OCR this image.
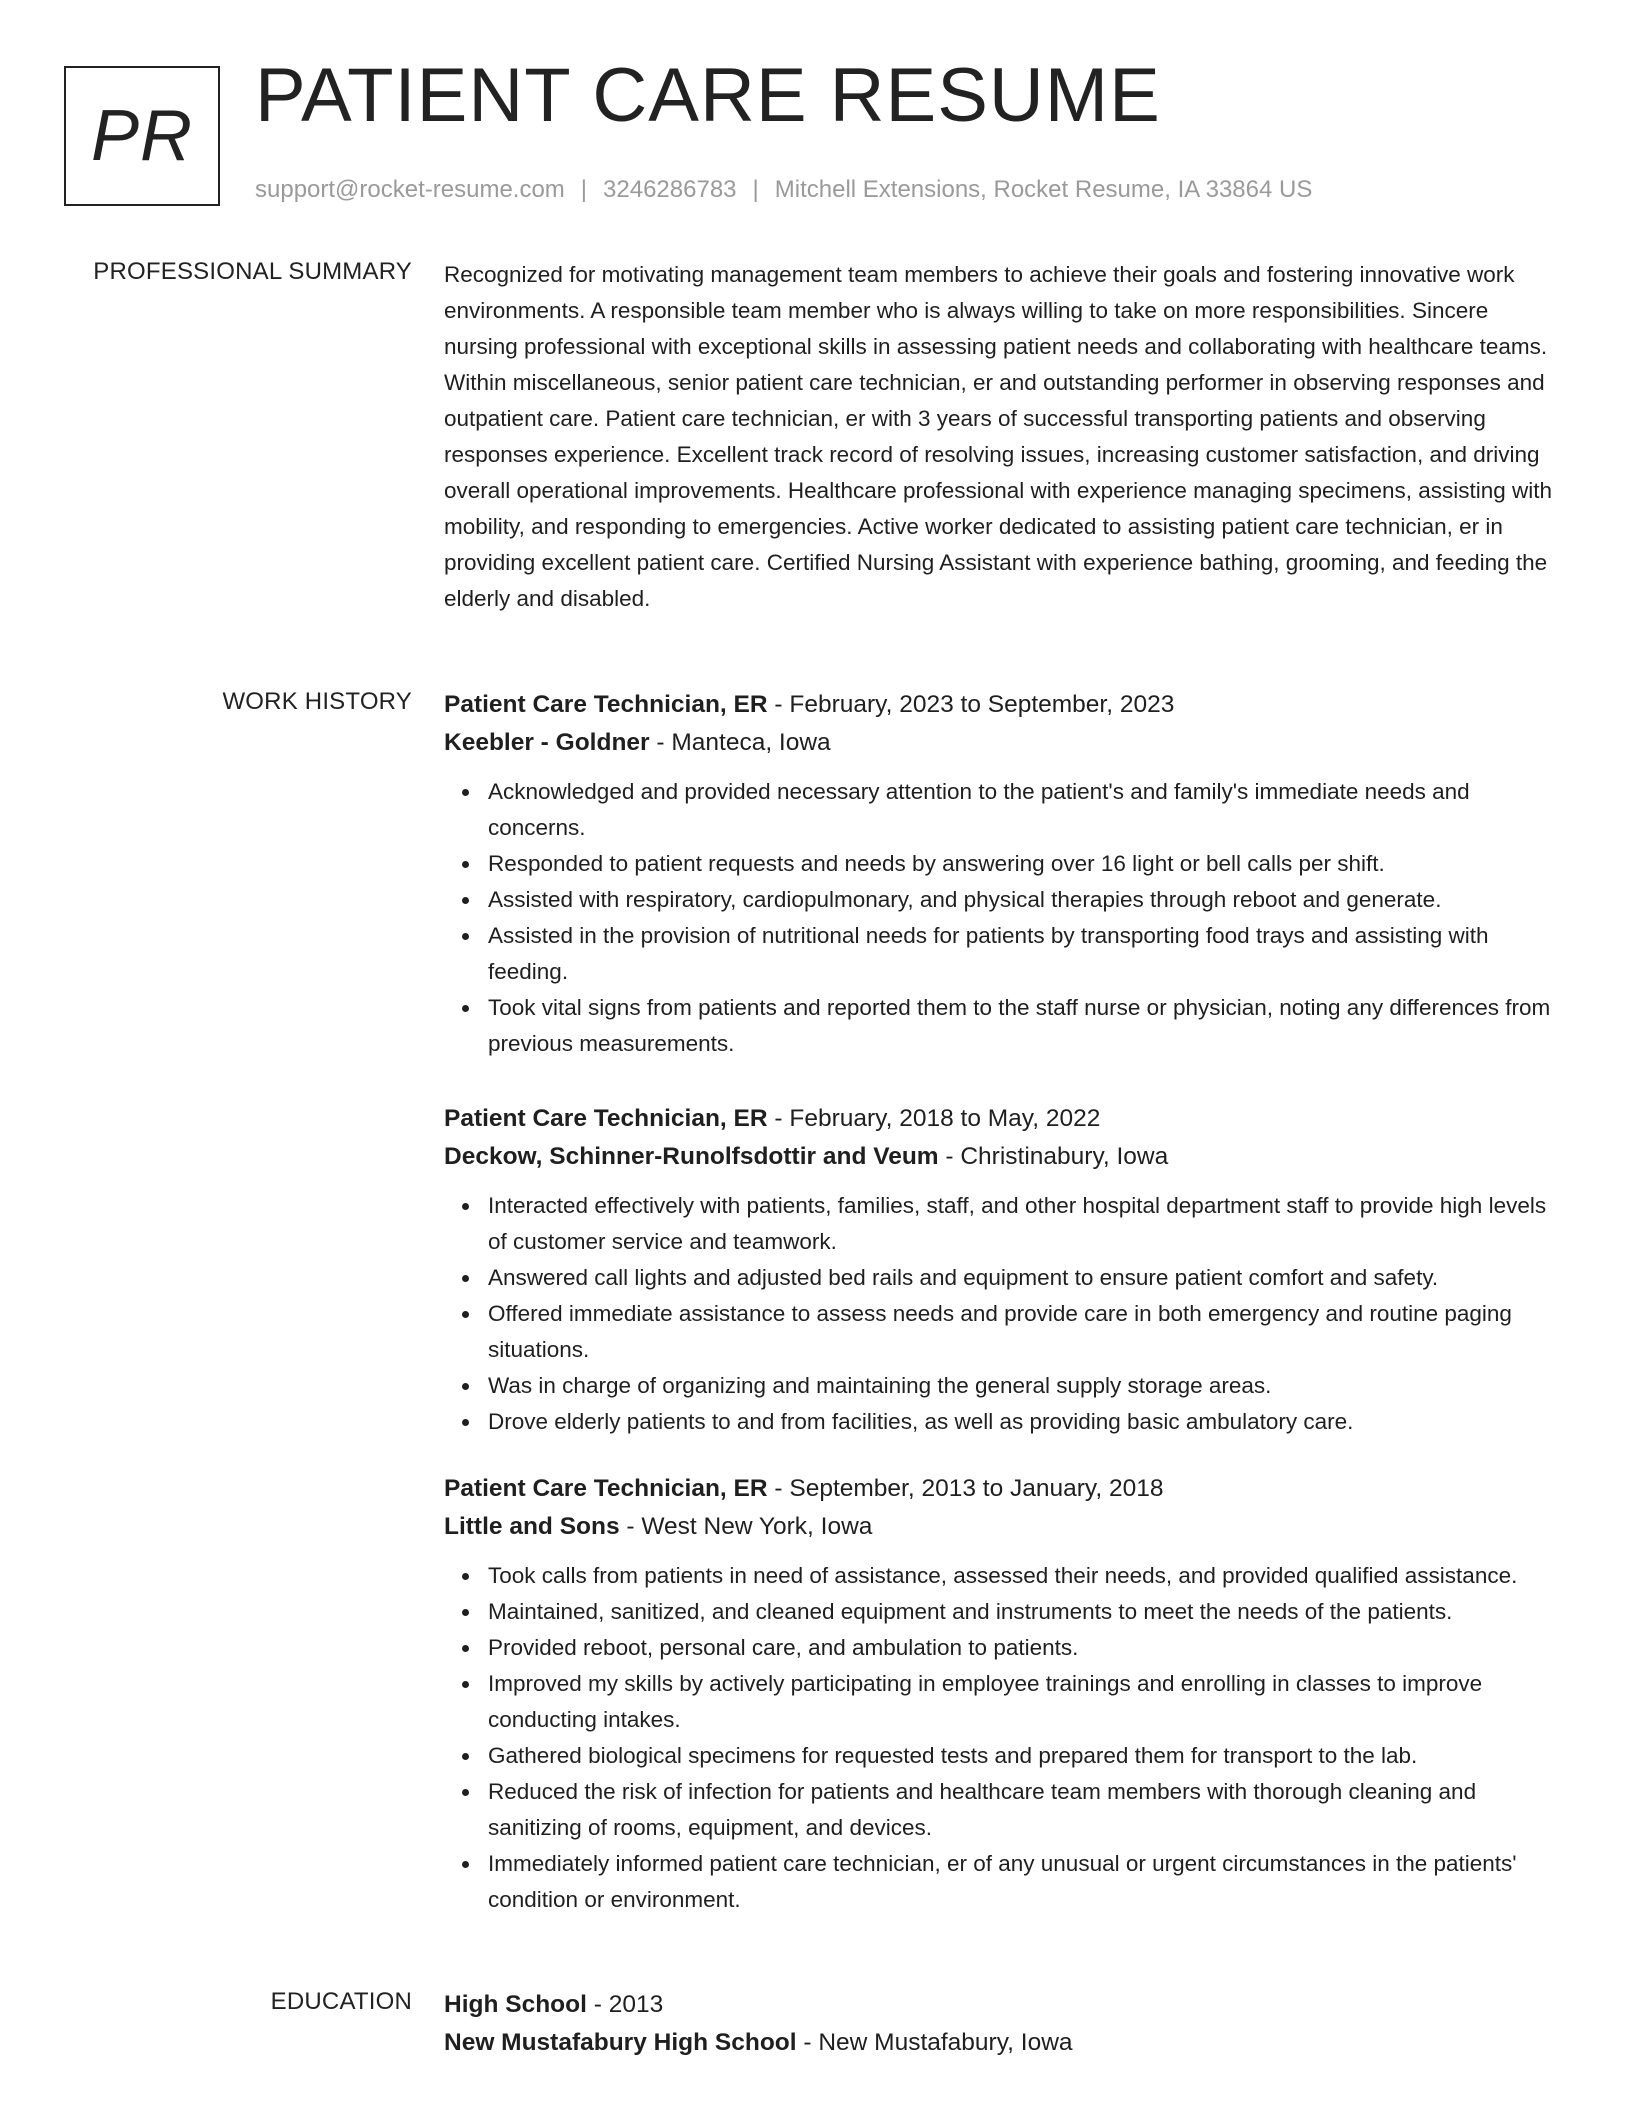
PR PATIENT CARE RESUME
support@rocket-resume.com | 3246286783 | Mitchell Extensions, Rocket Resume, IA 33864 US
PROFESSIONAL SUMMARY Recognized for motivating management team members to achieve their goals and fostering innovative work environments. A responsible team member who is always willing to take on more responsibilities. Sincere nursing professional with exceptional skills in assessing patient needs and collaborating with healthcare teams. Within miscellaneous, senior patient care technician, er and outstanding performer in observing responses and outpatient care. Patient care technician, er with 3 years of successful transporting patients and observing responses experience. Excellent track record of resolving issues, increasing customer satisfaction, and driving overall operational improvements. Healthcare professional with experience managing specimens, assisting with mobility, and responding to emergencies. Active worker dedicated to assisting patient care technician, er in providing excellent patient care. Certified Nursing Assistant with experience bathing, grooming, and feeding the elderly and disabled.

WORK HISTORY Patient Care Technician, ER - February, 2023 to September, 2023
Keebler - Goldner - Manteca, Iowa
Acknowledged and provided necessary attention to the patient's and family's immediate needs and concerns.
Responded to patient requests and needs by answering over 16 light or bell calls per shift.
Assisted with respiratory, cardiopulmonary, and physical therapies through reboot and generate.
Assisted in the provision of nutritional needs for patients by transporting food trays and assisting with feeding.
Took vital signs from patients and reported them to the staff nurse or physician, noting any differences from previous measurements.
Patient Care Technician, ER - February, 2018 to May, 2022
Deckow, Schinner-Runolfsdottir and Veum - Christinabury, Iowa
Interacted effectively with patients, families, staff, and other hospital department staff to provide high levels of customer service and teamwork.
Answered call lights and adjusted bed rails and equipment to ensure patient comfort and safety.
Offered immediate assistance to assess needs and provide care in both emergency and routine paging situations.
Was in charge of organizing and maintaining the general supply storage areas.
Drove elderly patients to and from facilities, as well as providing basic ambulatory care.
Patient Care Technician, ER - September, 2013 to January, 2018
Little and Sons - West New York, Iowa
Took calls from patients in need of assistance, assessed their needs, and provided qualified assistance.
Maintained, sanitized, and cleaned equipment and instruments to meet the needs of the patients.
Provided reboot, personal care, and ambulation to patients.
Improved my skills by actively participating in employee trainings and enrolling in classes to improve conducting intakes.
Gathered biological specimens for requested tests and prepared them for transport to the lab.
Reduced the risk of infection for patients and healthcare team members with thorough cleaning and sanitizing of rooms, equipment, and devices.
Immediately informed patient care technician, er of any unusual or urgent circumstances in the patients' condition or environment.
EDUCATION High School - 2013
New Mustafabury High School - New Mustafabury, Iowa
